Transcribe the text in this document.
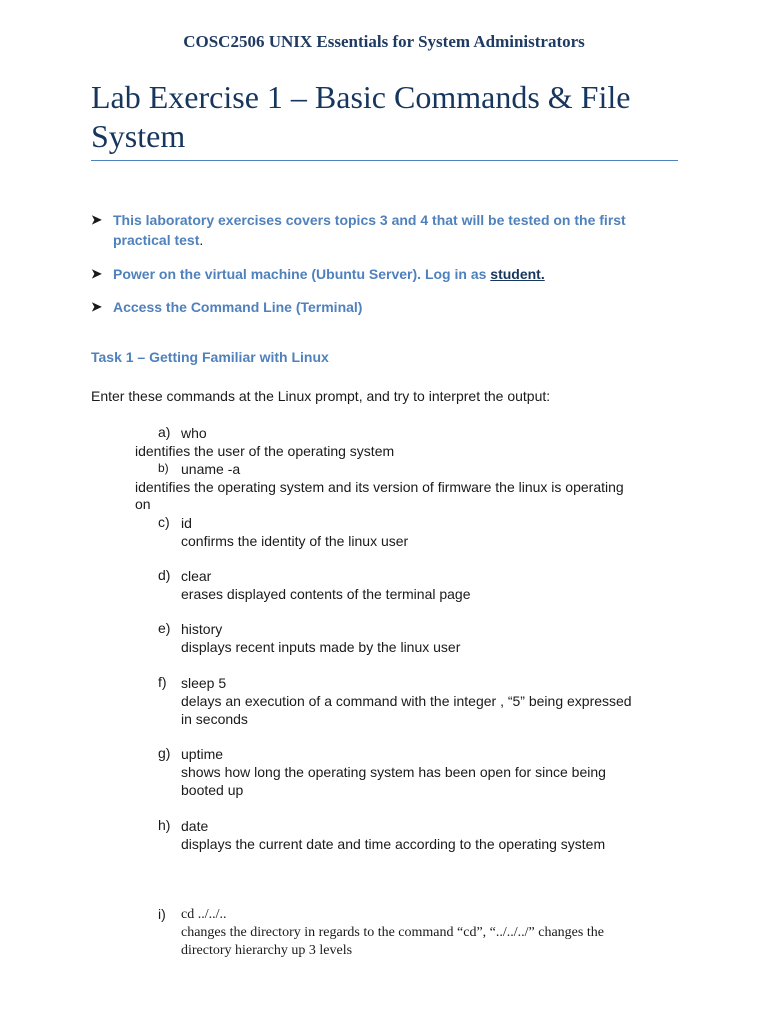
COSC2506 UNIX Essentials for System Administrators
Lab Exercise 1 – Basic Commands & File System
➤ This laboratory exercises covers topics 3 and 4 that will be tested on the first practical test.
➤ Power on the virtual machine (Ubuntu Server). Log in as student.
➤ Access the Command Line (Terminal)
Task 1 – Getting Familiar with Linux
Enter these commands at the Linux prompt, and try to interpret the output:
a) who
identifies the user of the operating system
b) uname -a
identifies the operating system and its version of firmware the linux is operating
on
c) id
confirms the identity of the linux user
d) clear
erases displayed contents of the terminal page
e) history
displays recent inputs made by the linux user
f) sleep 5
delays an execution of a command with the integer , “5” being expressed
in seconds
g) uptime
shows how long the operating system has been open for since being
booted up
h) date
displays the current date and time according to the operating system
i) cd ../../..
changes the directory in regards to the command “cd”, “../../../” changes the
directory hierarchy up 3 levels
